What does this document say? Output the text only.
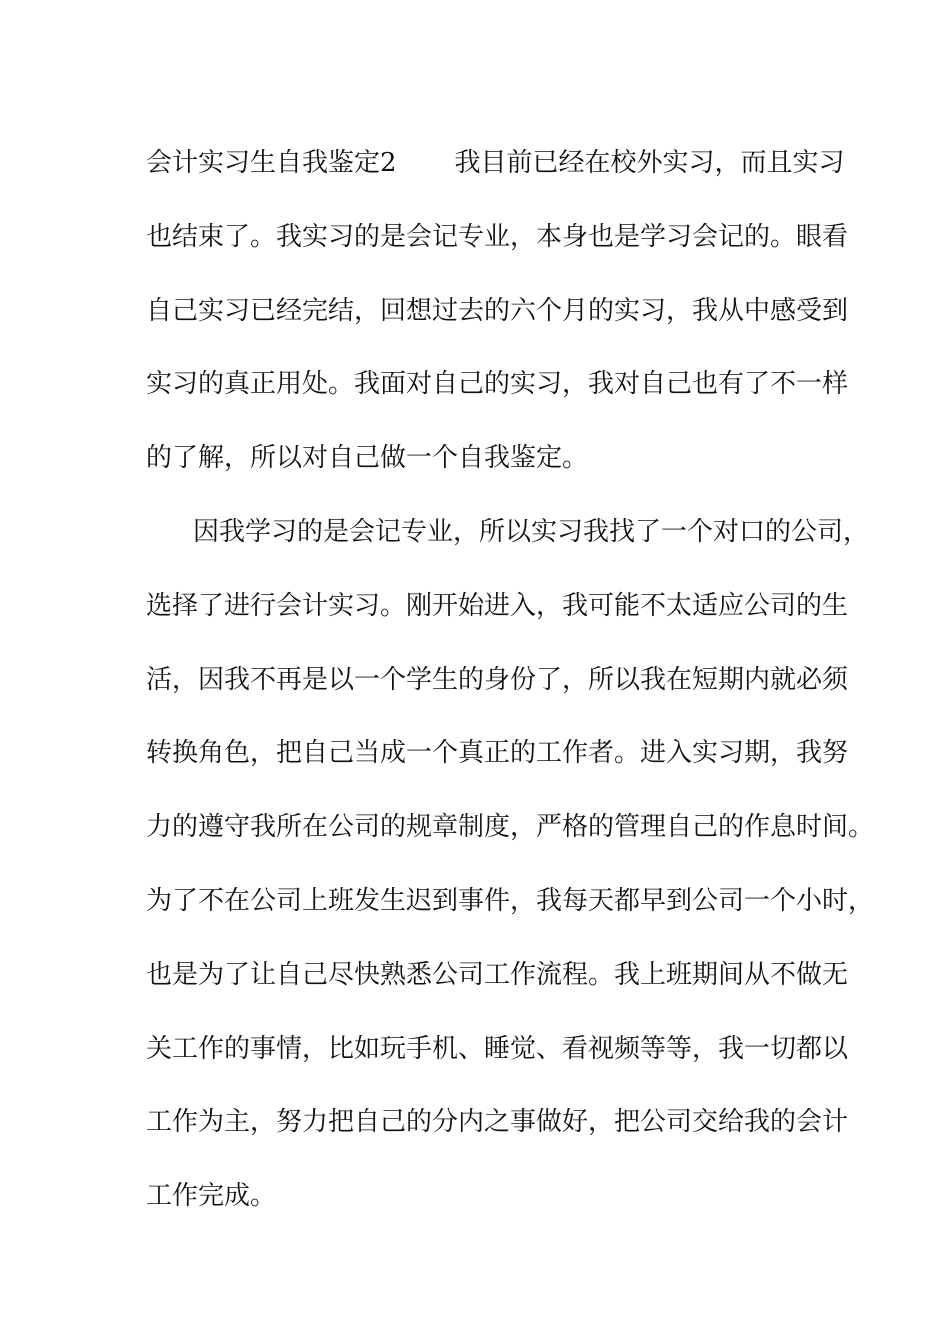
会计实习生自我鉴定2 我目前已经在校外实习，而且实习
也结束了。我实习的是会记专业，本身也是学习会记的。眼看
自己实习已经完结，回想过去的六个月的实习，我从中感受到
实习的真正用处。我面对自己的实习，我对自己也有了不一样
的了解，所以对自己做一个自我鉴定。
因我学习的是会记专业，所以实习我找了一个对口的公司，
选择了进行会计实习。刚开始进入，我可能不太适应公司的生
活，因我不再是以一个学生的身份了，所以我在短期内就必须
转换角色，把自己当成一个真正的工作者。进入实习期，我努
力的遵守我所在公司的规章制度，严格的管理自己的作息时间。
为了不在公司上班发生迟到事件，我每天都早到公司一个小时，
也是为了让自己尽快熟悉公司工作流程。我上班期间从不做无
关工作的事情，比如玩手机、睡觉、看视频等等，我一切都以
工作为主，努力把自己的分内之事做好，把公司交给我的会计
工作完成。
